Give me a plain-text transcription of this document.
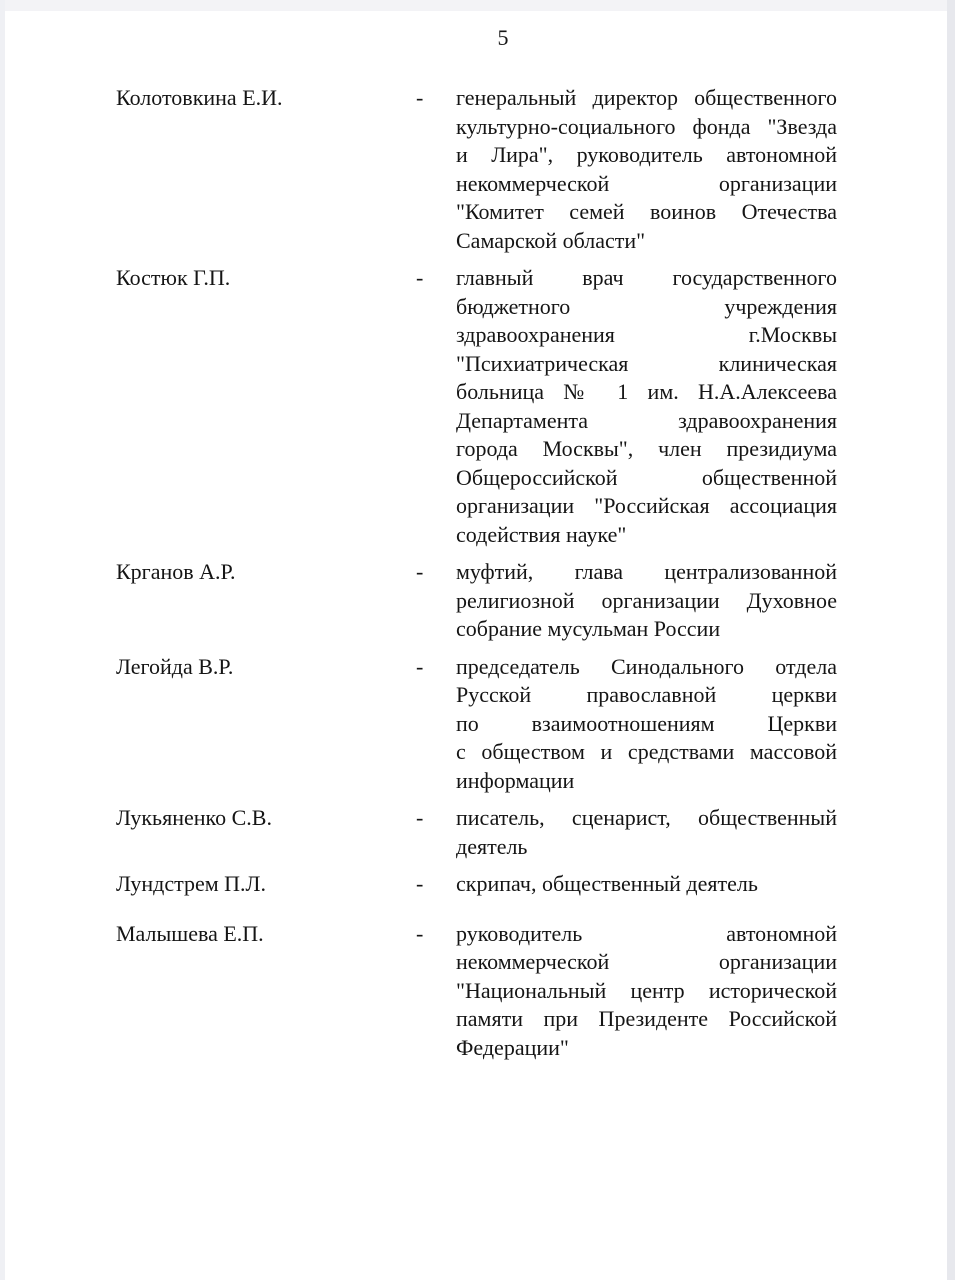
5
Колотовкина Е.И.	-	генеральный директор общественного
культурно-социального фонда "Звезда
и Лира", руководитель автономной
некоммерческой организации
"Комитет семей воинов Отечества
Самарской области"
Костюк Г.П.	-	главный врач государственного
бюджетного учреждения
здравоохранения г.Москвы
"Психиатрическая клиническая
больница № 1 им. Н.А.Алексеева
Департамента здравоохранения
города Москвы", член президиума
Общероссийской общественной
организации "Российская ассоциация
содействия науке"
Крганов А.Р.	-	муфтий, глава централизованной
религиозной организации Духовное
собрание мусульман России
Легойда В.Р.	-	председатель Синодального отдела
Русской православной церкви
по взаимоотношениям Церкви
с обществом и средствами массовой
информации
Лукьяненко С.В.	-	писатель, сценарист, общественный
деятель
Лундстрем П.Л.	-	скрипач, общественный деятель
Малышева Е.П.	-	руководитель автономной
некоммерческой организации
"Национальный центр исторической
памяти при Президенте Российской
Федерации"
